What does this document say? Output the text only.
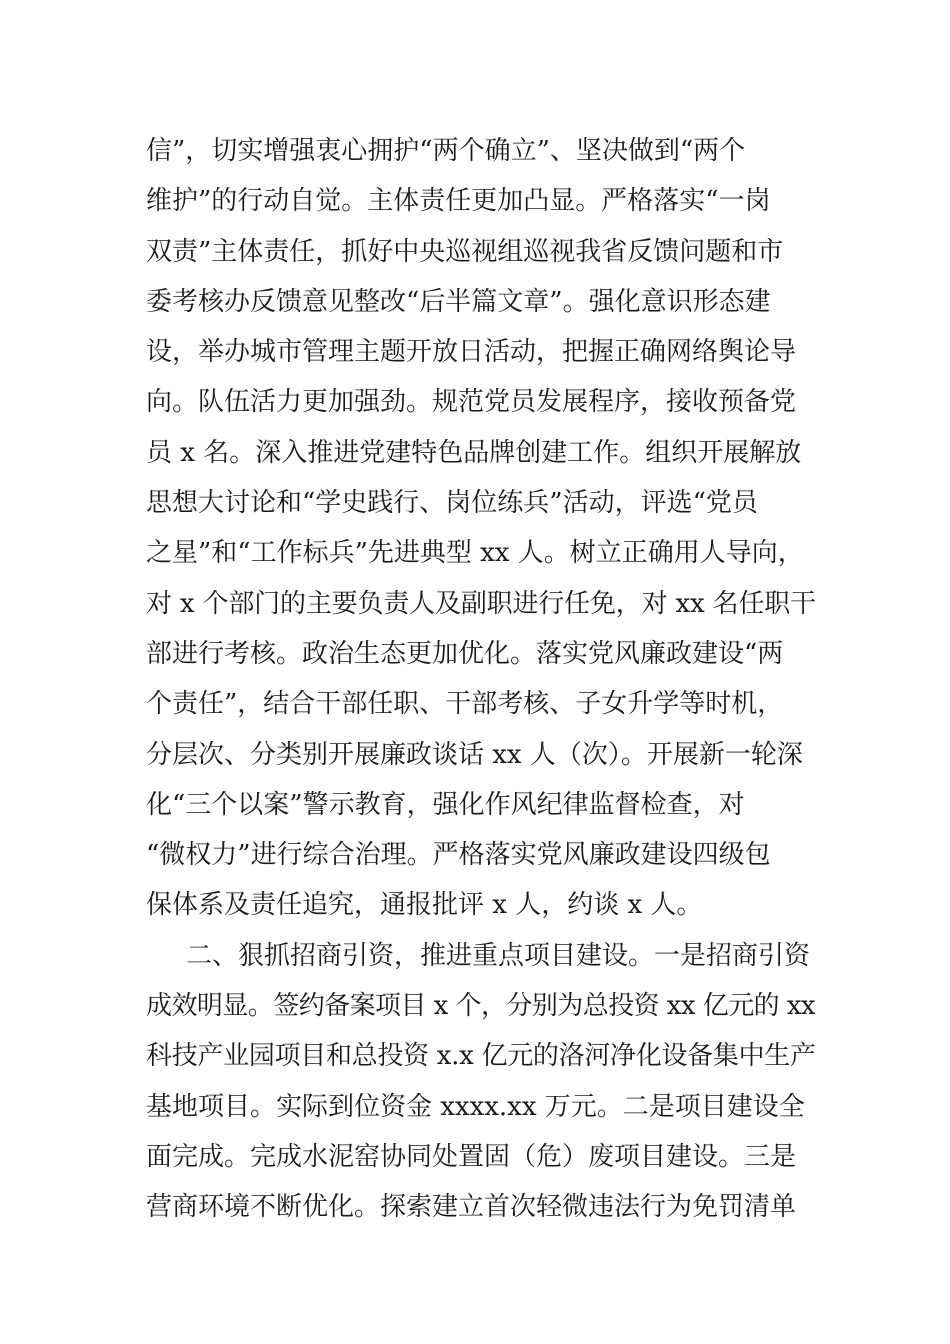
信”，切实增强衷心拥护“两个确立”、坚决做到“两个
维护”的行动自觉。主体责任更加凸显。严格落实“一岗
双责”主体责任，抓好中央巡视组巡视我省反馈问题和市
委考核办反馈意见整改“后半篇文章”。强化意识形态建
设，举办城市管理主题开放日活动，把握正确网络舆论导
向。队伍活力更加强劲。规范党员发展程序，接收预备党
员 x 名。深入推进党建特色品牌创建工作。组织开展解放
思想大讨论和“学史践行、岗位练兵”活动，评选“党员
之星”和“工作标兵”先进典型 xx 人。树立正确用人导向，
对 x 个部门的主要负责人及副职进行任免，对 xx 名任职干
部进行考核。政治生态更加优化。落实党风廉政建设“两
个责任”，结合干部任职、干部考核、子女升学等时机，
分层次、分类别开展廉政谈话 xx 人（次）。开展新一轮深
化“三个以案”警示教育，强化作风纪律监督检查，对
“微权力”进行综合治理。严格落实党风廉政建设四级包
保体系及责任追究，通报批评 x 人，约谈 x 人。
二、狠抓招商引资，推进重点项目建设。一是招商引资
成效明显。签约备案项目 x 个，分别为总投资 xx 亿元的 xx
科技产业园项目和总投资 x.x 亿元的洛河净化设备集中生产
基地项目。实际到位资金 xxxx.xx 万元。二是项目建设全
面完成。完成水泥窑协同处置固（危）废项目建设。三是
营商环境不断优化。探索建立首次轻微违法行为免罚清单
